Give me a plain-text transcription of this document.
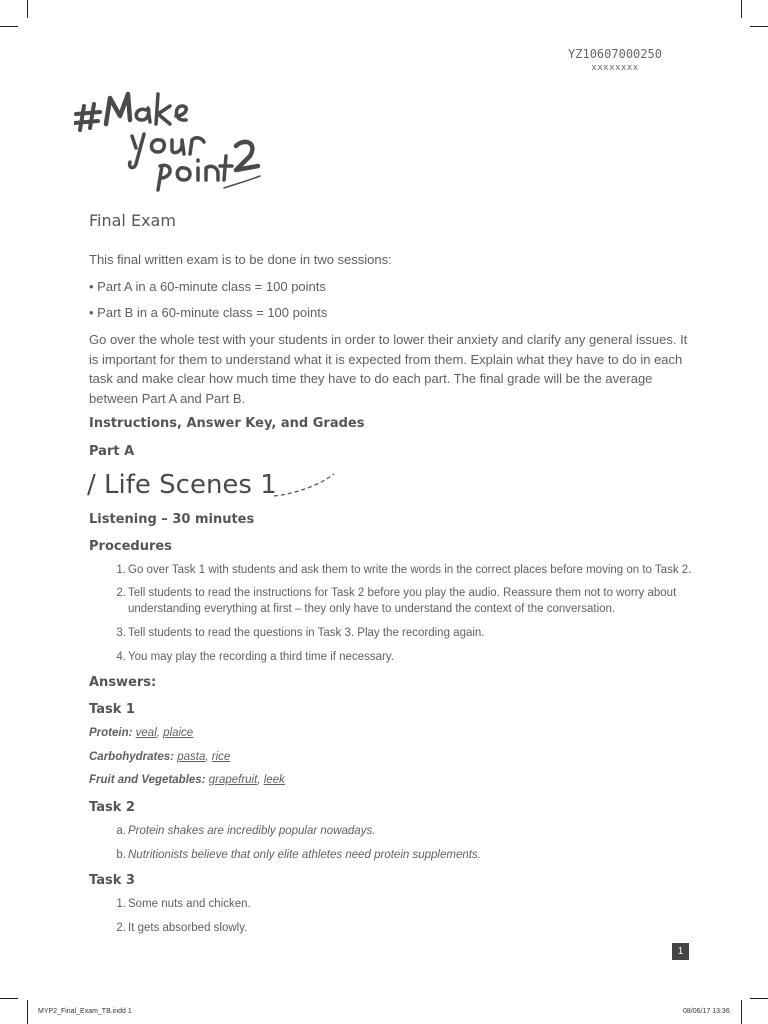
YZ10607000250
xxxxxxxx
Final Exam
This final written exam is to be done in two sessions:
• Part A in a 60-minute class = 100 points
• Part B in a 60-minute class = 100 points
Go over the whole test with your students in order to lower their anxiety and clarify any general issues. It is important for them to understand what it is expected from them. Explain what they have to do in each task and make clear how much time they have to do each part. The final grade will be the average between Part A and Part B.
Instructions, Answer Key, and Grades
Part A
/ Life Scenes 1
Listening – 30 minutes
Procedures
1. Go over Task 1 with students and ask them to write the words in the correct places before moving on to Task 2.
2. Tell students to read the instructions for Task 2 before you play the audio. Reassure them not to worry about understanding everything at first – they only have to understand the context of the conversation.
3. Tell students to read the questions in Task 3. Play the recording again.
4. You may play the recording a third time if necessary.
Answers:
Task 1
Protein: veal, plaice
Carbohydrates: pasta, rice
Fruit and Vegetables: grapefruit, leek
Task 2
a. Protein shakes are incredibly popular nowadays.
b. Nutritionists believe that only elite athletes need protein supplements.
Task 3
1. Some nuts and chicken.
2. It gets absorbed slowly.
1
MYP2_Final_Exam_TB.indd 1	08/06/17 13:36
